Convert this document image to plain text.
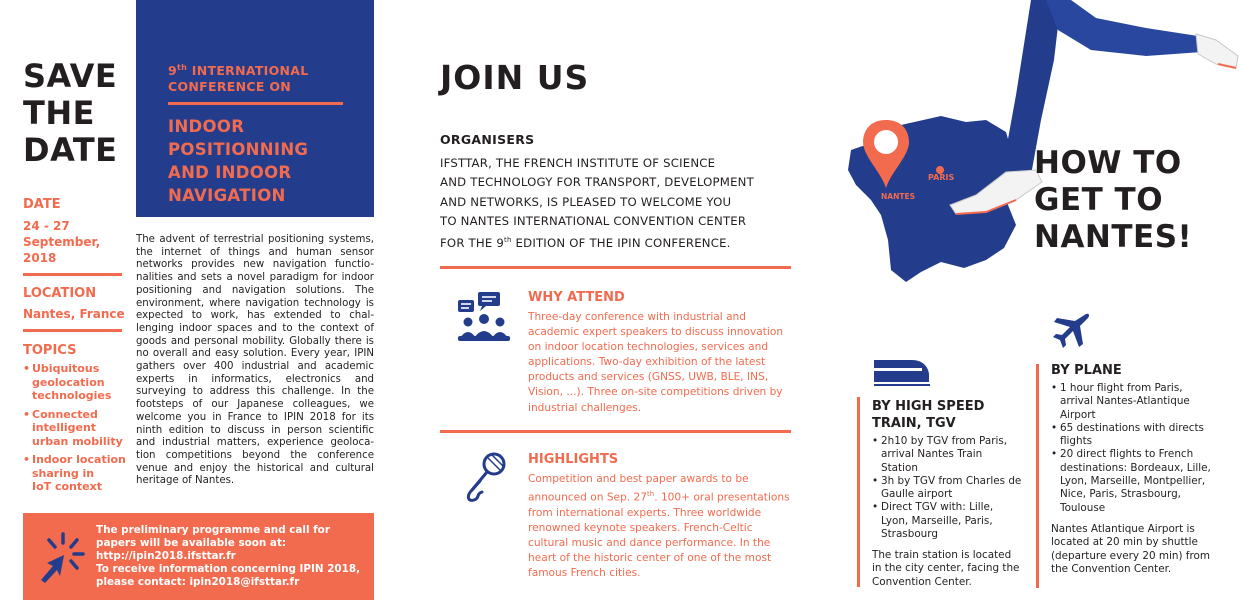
SAVE
THE
DATE
DATE
24 - 27
September,
2018
LOCATION
Nantes, France
TOPICS
• Ubiquitous
geolocation
technologies
• Connected
intelligent
urban mobility
• Indoor location
sharing in
IoT context
9th INTERNATIONAL
CONFERENCE ON
INDOOR
POSITIONNING
AND INDOOR
NAVIGATION
The advent of terrestrial positioning systems, the internet of things and human sensor networks provides new navigation functio-nalities and sets a novel paradigm for indoor positioning and navigation solutions. The environment, where navigation technology is expected to work, has extended to chal-lenging indoor spaces and to the context of goods and personal mobility. Globally there is no overall and easy solution. Every year, IPIN gathers over 400 industrial and academic experts in informatics, electronics and surveying to address this challenge. In the footsteps of our Japanese colleagues, we welcome you in France to IPIN 2018 for its ninth edition to discuss in person scientific and industrial matters, experience geoloca-tion competitions beyond the conference venue and enjoy the historical and cultural heritage of Nantes.
The preliminary programme and call for
papers will be available soon at:
http://ipin2018.ifsttar.fr
To receive information concerning IPIN 2018,
please contact: ipin2018@ifsttar.fr
JOIN US
ORGANISERS
IFSTTAR, THE FRENCH INSTITUTE OF SCIENCE
AND TECHNOLOGY FOR TRANSPORT, DEVELOPMENT
AND NETWORKS, IS PLEASED TO WELCOME YOU
TO NANTES INTERNATIONAL CONVENTION CENTER
FOR THE 9th EDITION OF THE IPIN CONFERENCE.
WHY ATTEND
Three-day conference with industrial and academic expert speakers to discuss innovation on indoor location technologies, services and applications. Two-day exhibition of the latest products and services (GNSS, UWB, BLE, INS, Vision, ...). Three on-site competitions driven by industrial challenges.
HIGHLIGHTS
Competition and best paper awards to be announced on Sep. 27th. 100+ oral presentations from international experts. Three worldwide renowned keynote speakers. French-Celtic cultural music and dance performance. In the heart of the historic center of one of the most famous French cities.
PARIS
NANTES
HOW TO
GET TO
NANTES!
BY HIGH SPEED
TRAIN, TGV
• 2h10 by TGV from Paris, arrival Nantes Train Station
• 3h by TGV from Charles de Gaulle airport
• Direct TGV with: Lille, Lyon, Marseille, Paris, Strasbourg
The train station is located in the city center, facing the Convention Center.
BY PLANE
• 1 hour flight from Paris, arrival Nantes-Atlantique Airport
• 65 destinations with directs flights
• 20 direct flights to French destinations: Bordeaux, Lille, Lyon, Marseille, Montpellier, Nice, Paris, Strasbourg, Toulouse
Nantes Atlantique Airport is located at 20 min by shuttle (departure every 20 min) from the Convention Center.
